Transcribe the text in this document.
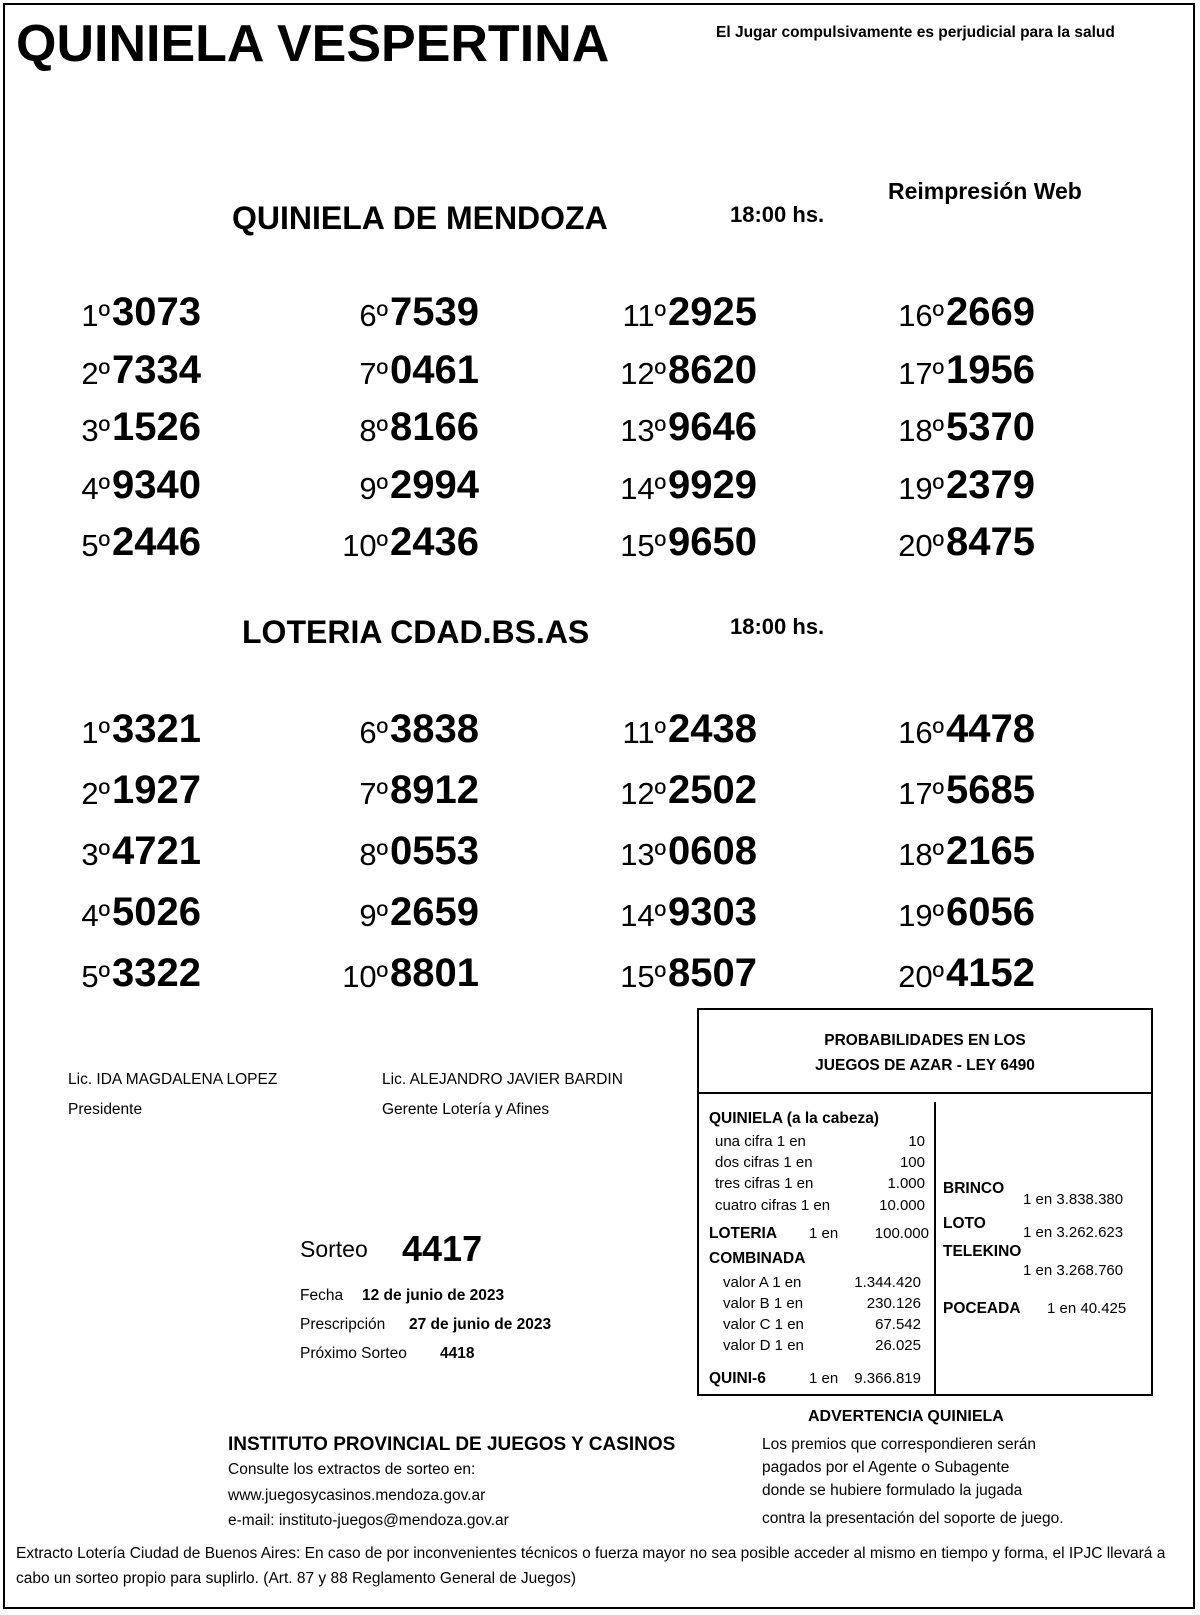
QUINIELA VESPERTINA	El Jugar compulsivamente es perjudicial para la salud
Reimpresión Web
QUINIELA DE MENDOZA	18:00 hs.
1º 3073
2º 7334
3º 1526
4º 9340
5º 2446
6º 7539
7º 0461
8º 8166
9º 2994
10º 2436
11º 2925
12º 8620
13º 9646
14º 9929
15º 9650
16º 2669
17º 1956
18º 5370
19º 2379
20º 8475
LOTERIA CDAD.BS.AS	18:00 hs.
1º 3321
2º 1927
3º 4721
4º 5026
5º 3322
6º 3838
7º 8912
8º 0553
9º 2659
10º 8801
11º 2438
12º 2502
13º 0608
14º 9303
15º 8507
16º 4478
17º 5685
18º 2165
19º 6056
20º 4152
Lic. IDA MAGDALENA LOPEZ
Presidente
Lic. ALEJANDRO JAVIER BARDIN
Gerente Lotería y Afines
Sorteo 4417
Fecha 12 de junio de 2023
Prescripción 27 de junio de 2023
Próximo Sorteo 4418
PROBABILIDADES EN LOS
JUEGOS DE AZAR - LEY 6490
QUINIELA (a la cabeza)
una cifra 1 en	10
dos cifras 1 en	100
tres cifras 1 en	1.000
cuatro cifras 1 en	10.000
LOTERIA 1 en 100.000
COMBINADA
valor A 1 en	1.344.420
valor B 1 en	230.126
valor C 1 en	67.542
valor D 1 en	26.025
QUINI-6	1 en 9.366.819
BRINCO
1 en 3.838.380
LOTO
1 en 3.262.623
TELEKINO
1 en 3.268.760
POCEADA 1 en 40.425
INSTITUTO PROVINCIAL DE JUEGOS Y CASINOS
Consulte los extractos de sorteo en:
www.juegosycasinos.mendoza.gov.ar
e-mail: instituto-juegos@mendoza.gov.ar
ADVERTENCIA QUINIELA
Los premios que correspondieren serán
pagados por el Agente o Subagente
donde se hubiere formulado la jugada
contra la presentación del soporte de juego.
Extracto Lotería Ciudad de Buenos Aires: En caso de por inconvenientes técnicos o fuerza mayor no sea posible acceder al mismo en tiempo y forma, el IPJC llevará a cabo un sorteo propio para suplirlo. (Art. 87 y 88 Reglamento General de Juegos)
